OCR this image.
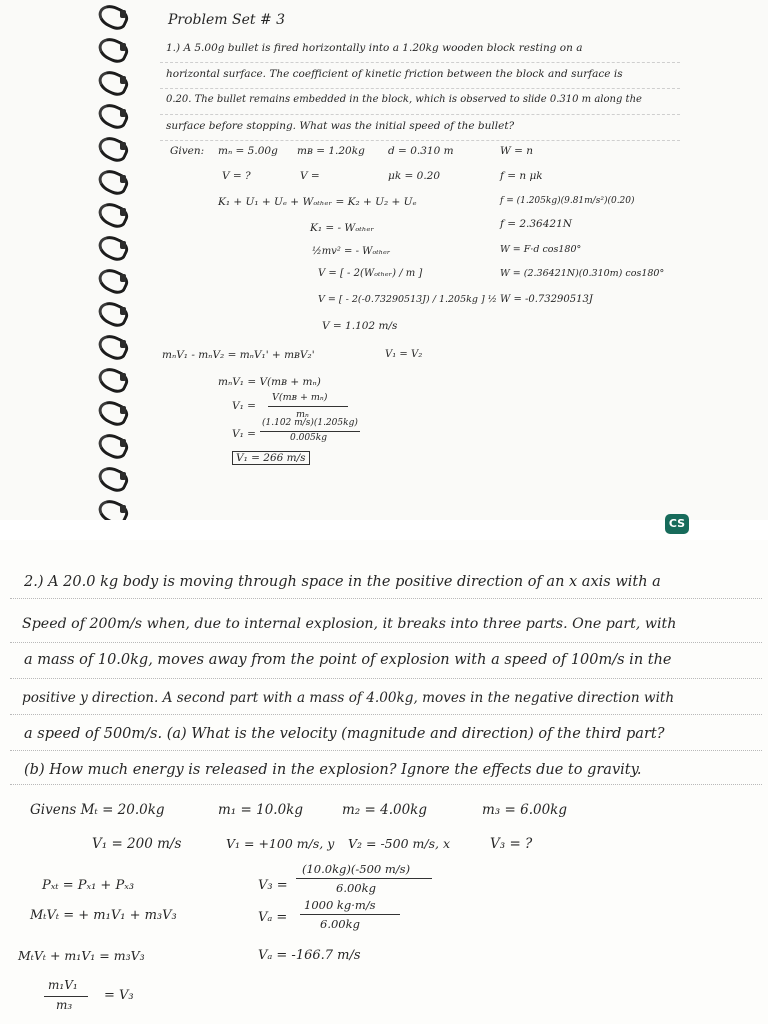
Problem Set # 3
1.) A 5.00g bullet is fired horizontally into a 1.20kg wooden block resting on a
horizontal surface. The coefficient of kinetic friction between the block and surface is
0.20. The bullet remains embedded in the block, which is observed to slide 0.310 m along the
surface before stopping. What was the initial speed of the bullet?
Given: mₙ = 5.00g mʙ = 1.20kg d = 0.310 m	W = n
V = ?	V =	μk = 0.20	f = n μk
K₁ + U₁ + Uₑ + Wₒₜₕₑᵣ = K₂ + U₂ + Uₑ	f = (1.205kg)(9.81m/s²)(0.20)
K₁ = - Wₒₜₕₑᵣ	f = 2.36421N
½mv² = - Wₒₜₕₑᵣ	W = F·d cos180°
V = [ - 2(Wₒₜₕₑᵣ) / m ]	W = (2.36421N)(0.310m) cos180°
V = [ - 2(-0.73290513J) / 1.205kg ] ½ W = -0.73290513J
V = 1.102 m/s
mₙV₁ - mₙV₂ = mₙV₁' + mʙV₂'	V₁ = V₂
mₙV₁ = V(mʙ + mₙ)
V₁ =
V(mʙ + mₙ)
mₙ
V₁ =
(1.102 m/s)(1.205kg)
0.005kg
V₁ = 266 m/s
CS
2.) A 20.0 kg body is moving through space in the positive direction of an x axis with a
Speed of 200m/s when, due to internal explosion, it breaks into three parts. One part, with
a mass of 10.0kg, moves away from the point of explosion with a speed of 100m/s in the
positive y direction. A second part with a mass of 4.00kg, moves in the negative direction with
a speed of 500m/s. (a) What is the velocity (magnitude and direction) of the third part?
(b) How much energy is released in the explosion? Ignore the effects due to gravity.
Givens Mₜ = 20.0kg	m₁ = 10.0kg	m₂ = 4.00kg	m₃ = 6.00kg
V₁ = 200 m/s	V₁ = +100 m/s, y V₂ = -500 m/s, x	V₃ = ?
Pₓₜ = Pₓ₁ + Pₓ₃	V₃ =
(10.0kg)(-500 m/s)
6.00kg
MₜVₜ = + m₁V₁ + m₃V₃	Vₐ =
1000 kg·m/s
6.00kg
MₜVₜ + m₁V₁ = m₃V₃	Vₐ = -166.7 m/s
m₁V₁
m₃
= V₃
